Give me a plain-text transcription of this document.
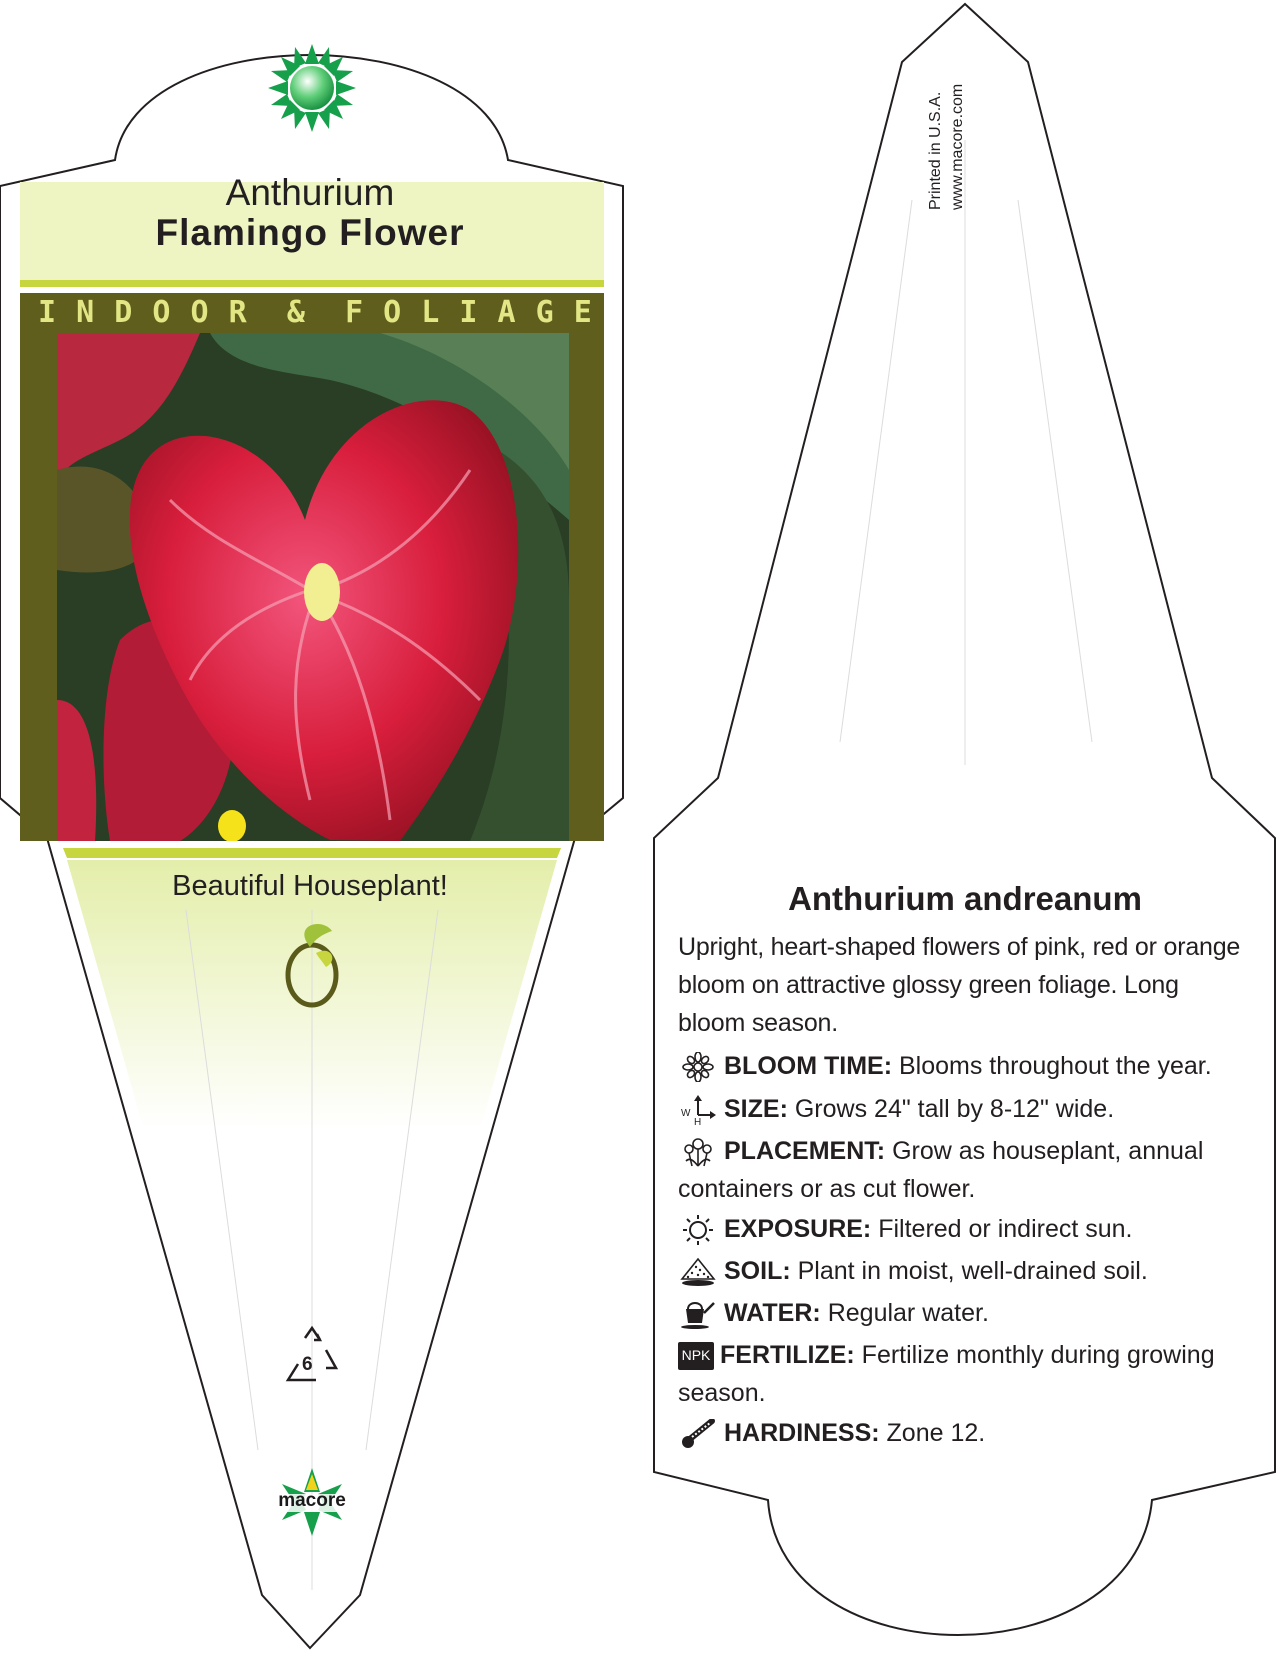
Anthurium
Flamingo Flower
I N D O O R & F O L I A G E
Beautiful Houseplant!
6
macore
Printed in U.S.A. www.macore.com
Anthurium andreanum
Upright, heart-shaped flowers of pink, red or orange bloom on attractive glossy green foliage. Long bloom season.
BLOOM TIME: Blooms throughout the year.
W
H SIZE: Grows 24" tall by 8-12" wide.
PLACEMENT: Grow as houseplant, annual containers or as cut flower.
EXPOSURE: Filtered or indirect sun.
SOIL: Plant in moist, well-drained soil.
WATER: Regular water.
NPK FERTILIZE: Fertilize monthly during growing season.
HARDINESS: Zone 12.
